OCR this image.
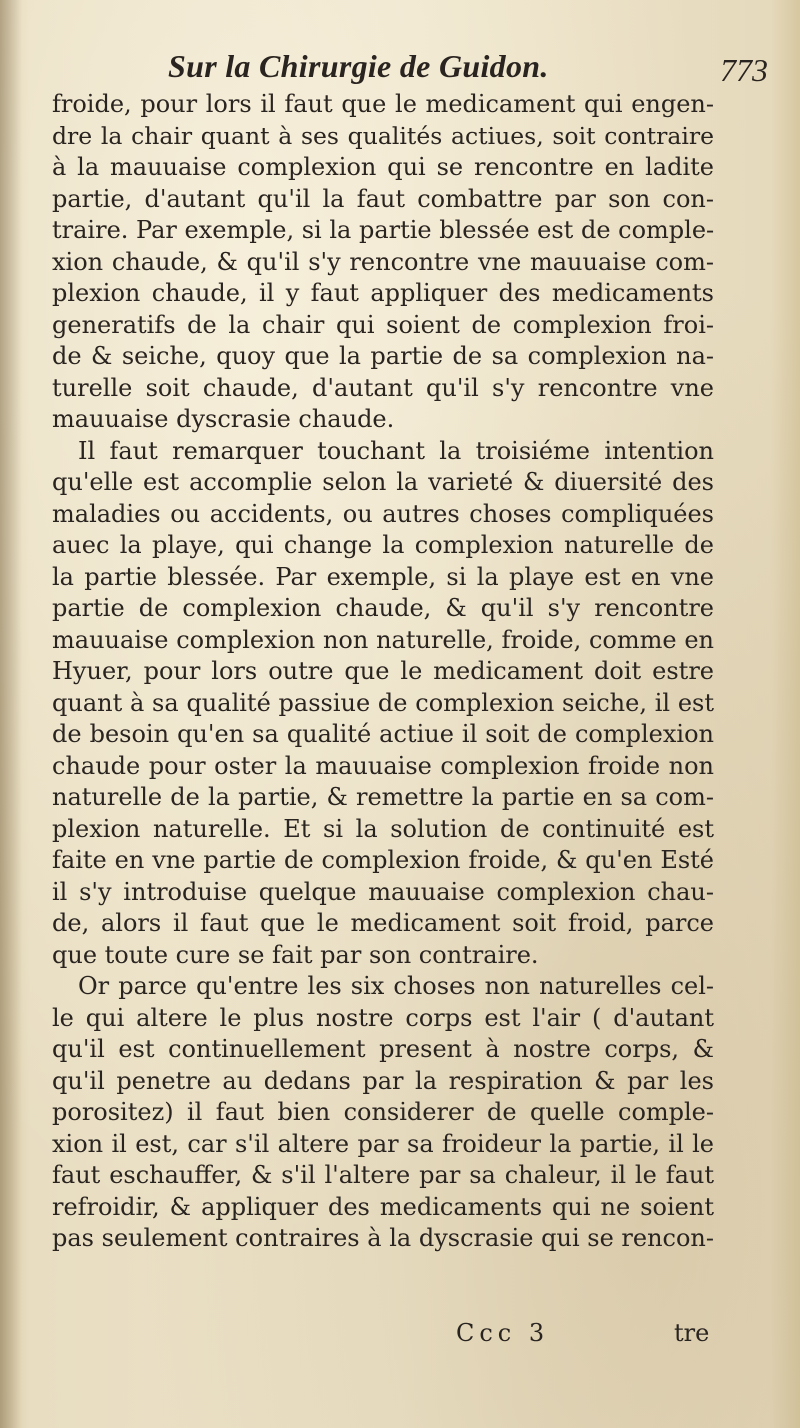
Sur la Chirurgie de Guidon.	773
froide, pour lors il faut que le medicament qui engen-
dre la chair quant à ses qualités actiues, soit contraire
à la mauuaise complexion qui se rencontre en ladite
partie, d'autant qu'il la faut combattre par son con-
traire. Par exemple, si la partie blessée est de comple-
xion chaude, & qu'il s'y rencontre vne mauuaise com-
plexion chaude, il y faut appliquer des medicaments
generatifs de la chair qui soient de complexion froi-
de & seiche, quoy que la partie de sa complexion na-
turelle soit chaude, d'autant qu'il s'y rencontre vne
mauuaise dyscrasie chaude.
Il faut remarquer touchant la troisiéme intention
qu'elle est accomplie selon la varieté & diuersité des
maladies ou accidents, ou autres choses compliquées
auec la playe, qui change la complexion naturelle de
la partie blessée. Par exemple, si la playe est en vne
partie de complexion chaude, & qu'il s'y rencontre
mauuaise complexion non naturelle, froide, comme en
Hyuer, pour lors outre que le medicament doit estre
quant à sa qualité passiue de complexion seiche, il est
de besoin qu'en sa qualité actiue il soit de complexion
chaude pour oster la mauuaise complexion froide non
naturelle de la partie, & remettre la partie en sa com-
plexion naturelle. Et si la solution de continuité est
faite en vne partie de complexion froide, & qu'en Esté
il s'y introduise quelque mauuaise complexion chau-
de, alors il faut que le medicament soit froid, parce
que toute cure se fait par son contraire.
Or parce qu'entre les six choses non naturelles cel-
le qui altere le plus nostre corps est l'air ( d'autant
qu'il est continuellement present à nostre corps, &
qu'il penetre au dedans par la respiration & par les
porositez) il faut bien considerer de quelle comple-
xion il est, car s'il altere par sa froideur la partie, il le
faut eschauffer, & s'il l'altere par sa chaleur, il le faut
refroidir, & appliquer des medicaments qui ne soient
pas seulement contraires à la dyscrasie qui se rencon-
Ccc 3	tre
